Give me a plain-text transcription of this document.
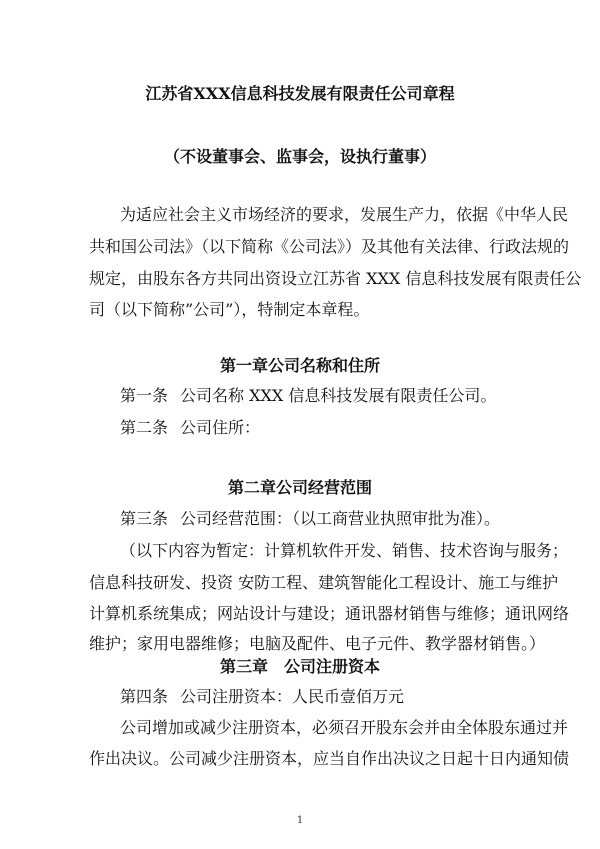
江苏省XXX信息科技发展有限责任公司章程

（不设董事会、监事会，设执行董事）

为适应社会主义市场经济的要求，发展生产力，依据《中华人民

共和国公司法》（以下简称《公司法》）及其他有关法律、行政法规的

规定，由股东各方共同出资设立江苏省 XXX 信息科技发展有限责任公

司（以下简称”公司”），特制定本章程。

第一章公司名称和住所

第一条 公司名称 XXX 信息科技发展有限责任公司。

第二条 公司住所：

第二章公司经营范围

第三条 公司经营范围：（以工商营业执照审批为准）。

（以下内容为暂定：计算机软件开发、销售、技术咨询与服务；

信息科技研发、投资 安防工程、建筑智能化工程设计、施工与维护

计算机系统集成；网站设计与建设；通讯器材销售与维修；通讯网络

维护；家用电器维修；电脑及配件、电子元件、教学器材销售。）

第三章　公司注册资本

第四条 公司注册资本：人民币壹佰万元

公司增加或减少注册资本，必须召开股东会并由全体股东通过并

作出决议。公司减少注册资本，应当自作出决议之日起十日内通知债

1
